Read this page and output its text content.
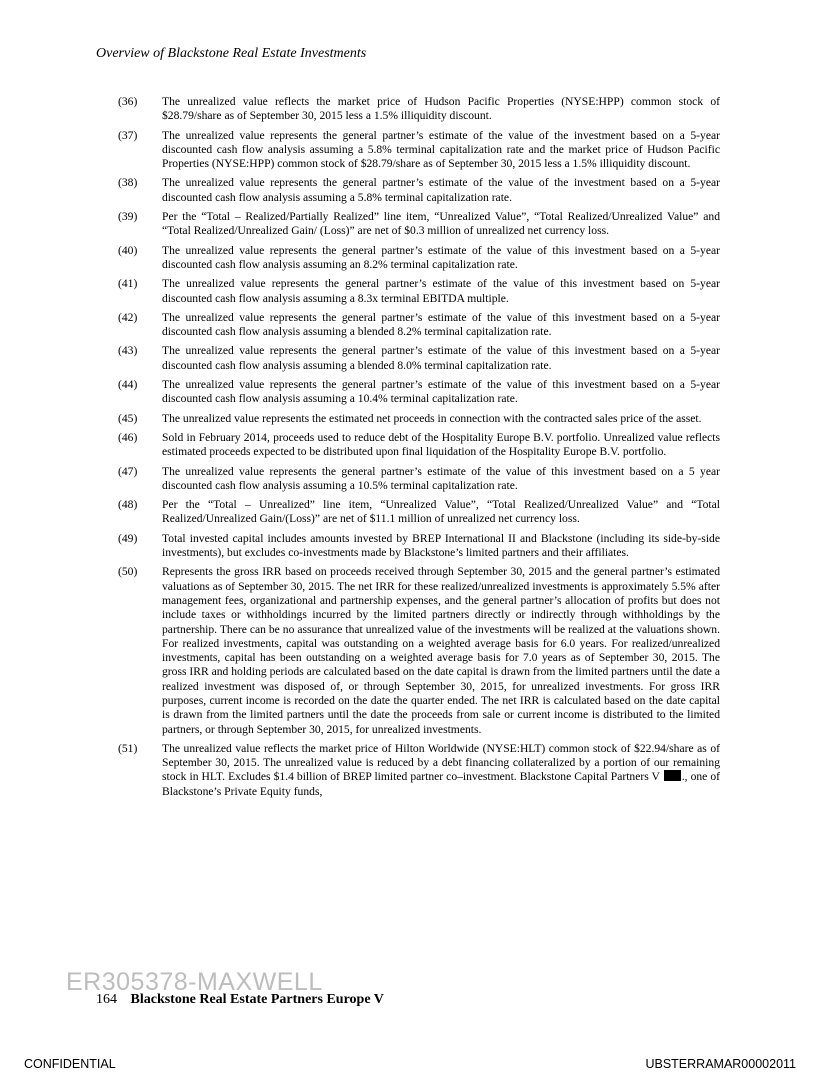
Overview of Blackstone Real Estate Investments
(36)	The unrealized value reflects the market price of Hudson Pacific Properties (NYSE:HPP) common stock of $28.79/share as of September 30, 2015 less a 1.5% illiquidity discount.
(37)	The unrealized value represents the general partner’s estimate of the value of the investment based on a 5-year discounted cash flow analysis assuming a 5.8% terminal capitalization rate and the market price of Hudson Pacific Properties (NYSE:HPP) common stock of $28.79/share as of September 30, 2015 less a 1.5% illiquidity discount.
(38)	The unrealized value represents the general partner’s estimate of the value of the investment based on a 5-year discounted cash flow analysis assuming a 5.8% terminal capitalization rate.
(39)	Per the “Total – Realized/Partially Realized” line item, “Unrealized Value”, “Total Realized/Unrealized Value” and “Total Realized/Unrealized Gain/ (Loss)” are net of $0.3 million of unrealized net currency loss.
(40)	The unrealized value represents the general partner’s estimate of the value of this investment based on a 5-year discounted cash flow analysis assuming an 8.2% terminal capitalization rate.
(41)	The unrealized value represents the general partner’s estimate of the value of this investment based on 5-year discounted cash flow analysis assuming a 8.3x terminal EBITDA multiple.
(42)	The unrealized value represents the general partner’s estimate of the value of this investment based on a 5-year discounted cash flow analysis assuming a blended 8.2% terminal capitalization rate.
(43)	The unrealized value represents the general partner’s estimate of the value of this investment based on a 5-year discounted cash flow analysis assuming a blended 8.0% terminal capitalization rate.
(44)	The unrealized value represents the general partner’s estimate of the value of this investment based on a 5-year discounted cash flow analysis assuming a 10.4% terminal capitalization rate.
(45)	The unrealized value represents the estimated net proceeds in connection with the contracted sales price of the asset.
(46)	Sold in February 2014, proceeds used to reduce debt of the Hospitality Europe B.V. portfolio. Unrealized value reflects estimated proceeds expected to be distributed upon final liquidation of the Hospitality Europe B.V. portfolio.
(47)	The unrealized value represents the general partner’s estimate of the value of this investment based on a 5 year discounted cash flow analysis assuming a 10.5% terminal capitalization rate.
(48)	Per the “Total – Unrealized” line item, “Unrealized Value”, “Total Realized/Unrealized Value” and “Total Realized/Unrealized Gain/(Loss)” are net of $11.1 million of unrealized net currency loss.
(49)	Total invested capital includes amounts invested by BREP International II and Blackstone (including its side-by-side investments), but excludes co-investments made by Blackstone’s limited partners and their affiliates.
(50)	Represents the gross IRR based on proceeds received through September 30, 2015 and the general partner’s estimated valuations as of September 30, 2015. The net IRR for these realized/unrealized investments is approximately 5.5% after management fees, organizational and partnership expenses, and the general partner’s allocation of profits but does not include taxes or withholdings incurred by the limited partners directly or indirectly through withholdings by the partnership. There can be no assurance that unrealized value of the investments will be realized at the valuations shown. For realized investments, capital was outstanding on a weighted average basis for 6.0 years. For realized/unrealized investments, capital has been outstanding on a weighted average basis for 7.0 years as of September 30, 2015. The gross IRR and holding periods are calculated based on the date capital is drawn from the limited partners until the date a realized investment was disposed of, or through September 30, 2015, for unrealized investments. For gross IRR purposes, current income is recorded on the date the quarter ended. The net IRR is calculated based on the date capital is drawn from the limited partners until the date the proceeds from sale or current income is distributed to the limited partners, or through September 30, 2015, for unrealized investments.
(51)	The unrealized value reflects the market price of Hilton Worldwide (NYSE:HLT) common stock of $22.94/share as of September 30, 2015. The unrealized value is reduced by a debt financing collateralized by a portion of our remaining stock in HLT. Excludes $1.4 billion of BREP limited partner co–investment. Blackstone Capital Partners V ., one of Blackstone’s Private Equity funds,
ER305378-MAXWELL
164 Blackstone Real Estate Partners Europe V
CONFIDENTIAL	UBSTERRAMAR00002011
